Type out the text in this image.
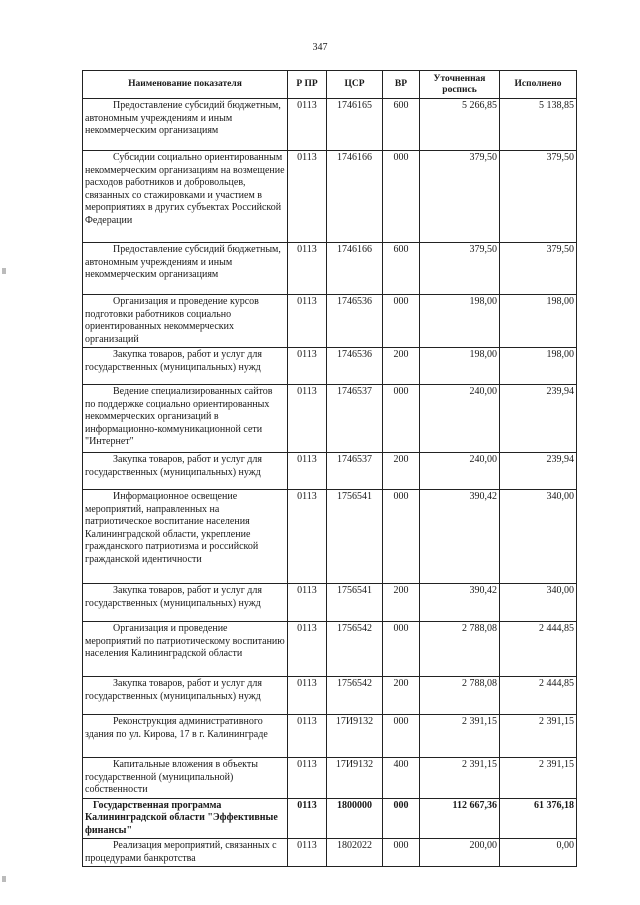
347
Наименование показателя	Р ПР	ЦСР	ВР	Уточненная роспись	Исполнено
Предоставление субсидий бюджетным, автономным учреждениям и иным некоммерческим организациям	0113	1746165	600	5 266,85	5 138,85
Субсидии социально ориентированным некоммерческим организациям на возмещение расходов работников и добровольцев, связанных со стажировками и участием в мероприятиях в других субъектах Российской Федерации	0113	1746166	000	379,50	379,50
Предоставление субсидий бюджетным, автономным учреждениям и иным некоммерческим организациям	0113	1746166	600	379,50	379,50
Организация и проведение курсов подготовки работников социально ориентированных некоммерческих организаций	0113	1746536	000	198,00	198,00
Закупка товаров, работ и услуг для государственных (муниципальных) нужд	0113	1746536	200	198,00	198,00
Ведение специализированных сайтов по поддержке социально ориентированных некоммерческих организаций в информационно-коммуникационной сети "Интернет"	0113	1746537	000	240,00	239,94
Закупка товаров, работ и услуг для государственных (муниципальных) нужд	0113	1746537	200	240,00	239,94
Информационное освещение мероприятий, направленных на патриотическое воспитание населения Калининградской области, укрепление гражданского патриотизма и российской гражданской идентичности	0113	1756541	000	390,42	340,00
Закупка товаров, работ и услуг для государственных (муниципальных) нужд	0113	1756541	200	390,42	340,00
Организация и проведение мероприятий по патриотическому воспитанию населения Калининградской области	0113	1756542	000	2 788,08	2 444,85
Закупка товаров, работ и услуг для государственных (муниципальных) нужд	0113	1756542	200	2 788,08	2 444,85
Реконструкция административного здания по ул. Кирова, 17 в г. Калининграде	0113	17И9132	000	2 391,15	2 391,15
Капитальные вложения в объекты государственной (муниципальной) собственности	0113	17И9132	400	2 391,15	2 391,15
Государственная программа Калининградской области "Эффективные финансы"	0113	1800000	000	112 667,36	61 376,18
Реализация мероприятий, связанных с процедурами банкротства	0113	1802022	000	200,00	0,00
